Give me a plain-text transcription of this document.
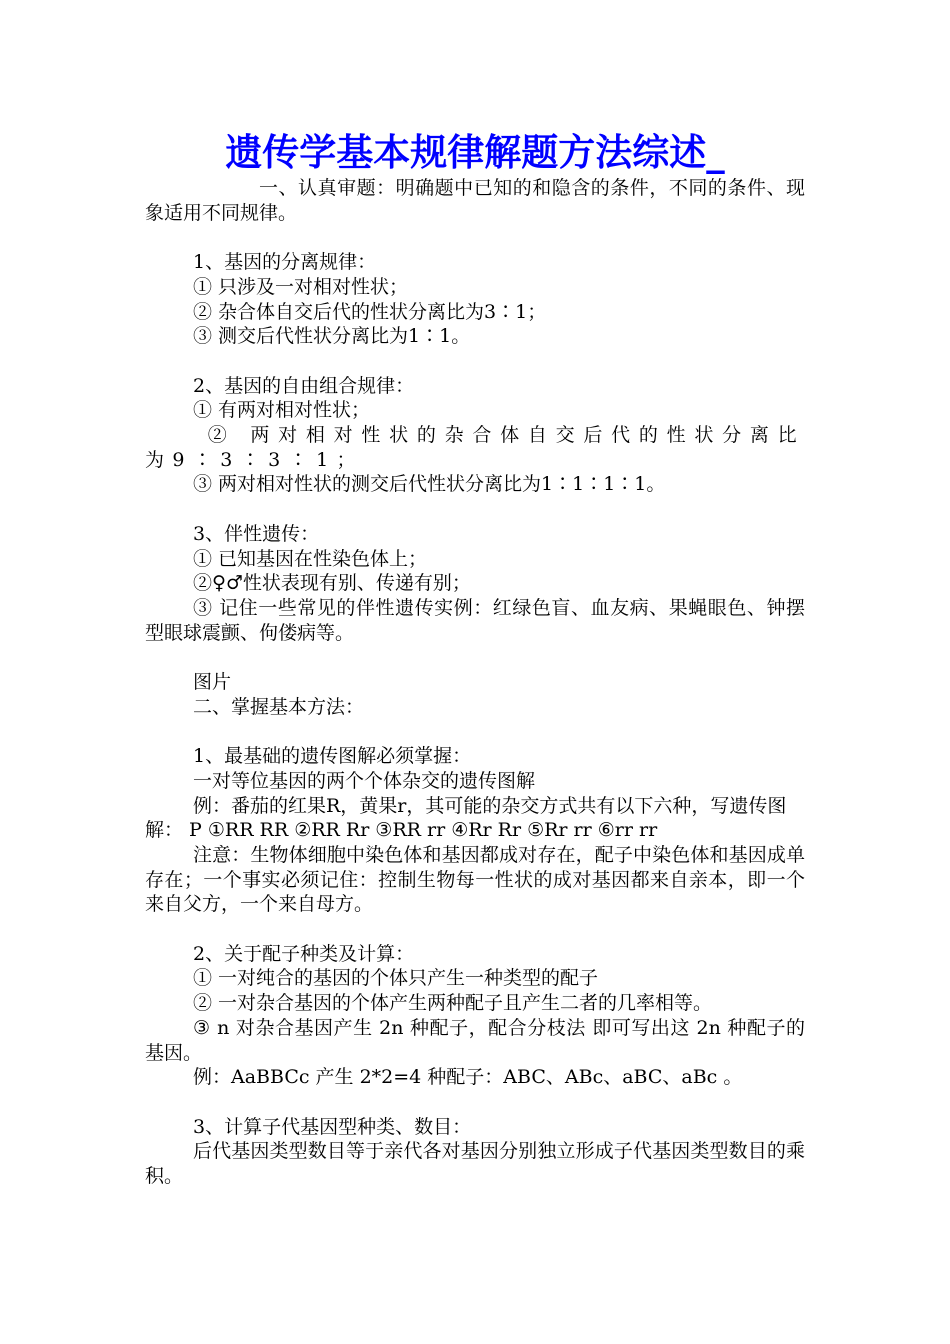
遗传学基本规律解题方法综述_

一、认真审题：明确题中已知的和隐含的条件，不同的条件、现象适用不同规律。

1、基因的分离规律：

① 只涉及一对相对性状；

② 杂合体自交后代的性状分离比为3∶1；

③ 测交后代性状分离比为1∶1。

2、基因的自由组合规律：

① 有两对相对性状；

② 两对相对性状的杂合体自交后代的性状分离比为9∶3∶3∶1；

③ 两对相对性状的测交后代性状分离比为1∶1∶1∶1。

3、伴性遗传：

① 已知基因在性染色体上；

②♀♂性状表现有别、传递有别；

③ 记住一些常见的伴性遗传实例：红绿色盲、血友病、果蝇眼色、钟摆型眼球震颤、佝偻病等。

图片

二、掌握基本方法：

1、最基础的遗传图解必须掌握：

一对等位基因的两个个体杂交的遗传图解

例：番茄的红果R，黄果r，其可能的杂交方式共有以下六种，写遗传图解： P ①RR RR ②RR Rr ③RR rr ④Rr Rr ⑤Rr rr ⑥rr rr

注意：生物体细胞中染色体和基因都成对存在，配子中染色体和基因成单存在；一个事实必须记住：控制生物每一性状的成对基因都来自亲本，即一个来自父方，一个来自母方。

2、关于配子种类及计算：

① 一对纯合的基因的个体只产生一种类型的配子

② 一对杂合基因的个体产生两种配子且产生二者的几率相等。

③ n 对杂合基因产生 2n 种配子，配合分枝法 即可写出这 2n 种配子的基因。

例：AaBBCc 产生 2*2=4 种配子：ABC、ABc、aBC、aBc 。

3、计算子代基因型种类、数目：

后代基因类型数目等于亲代各对基因分别独立形成子代基因类型数目的乘积。
